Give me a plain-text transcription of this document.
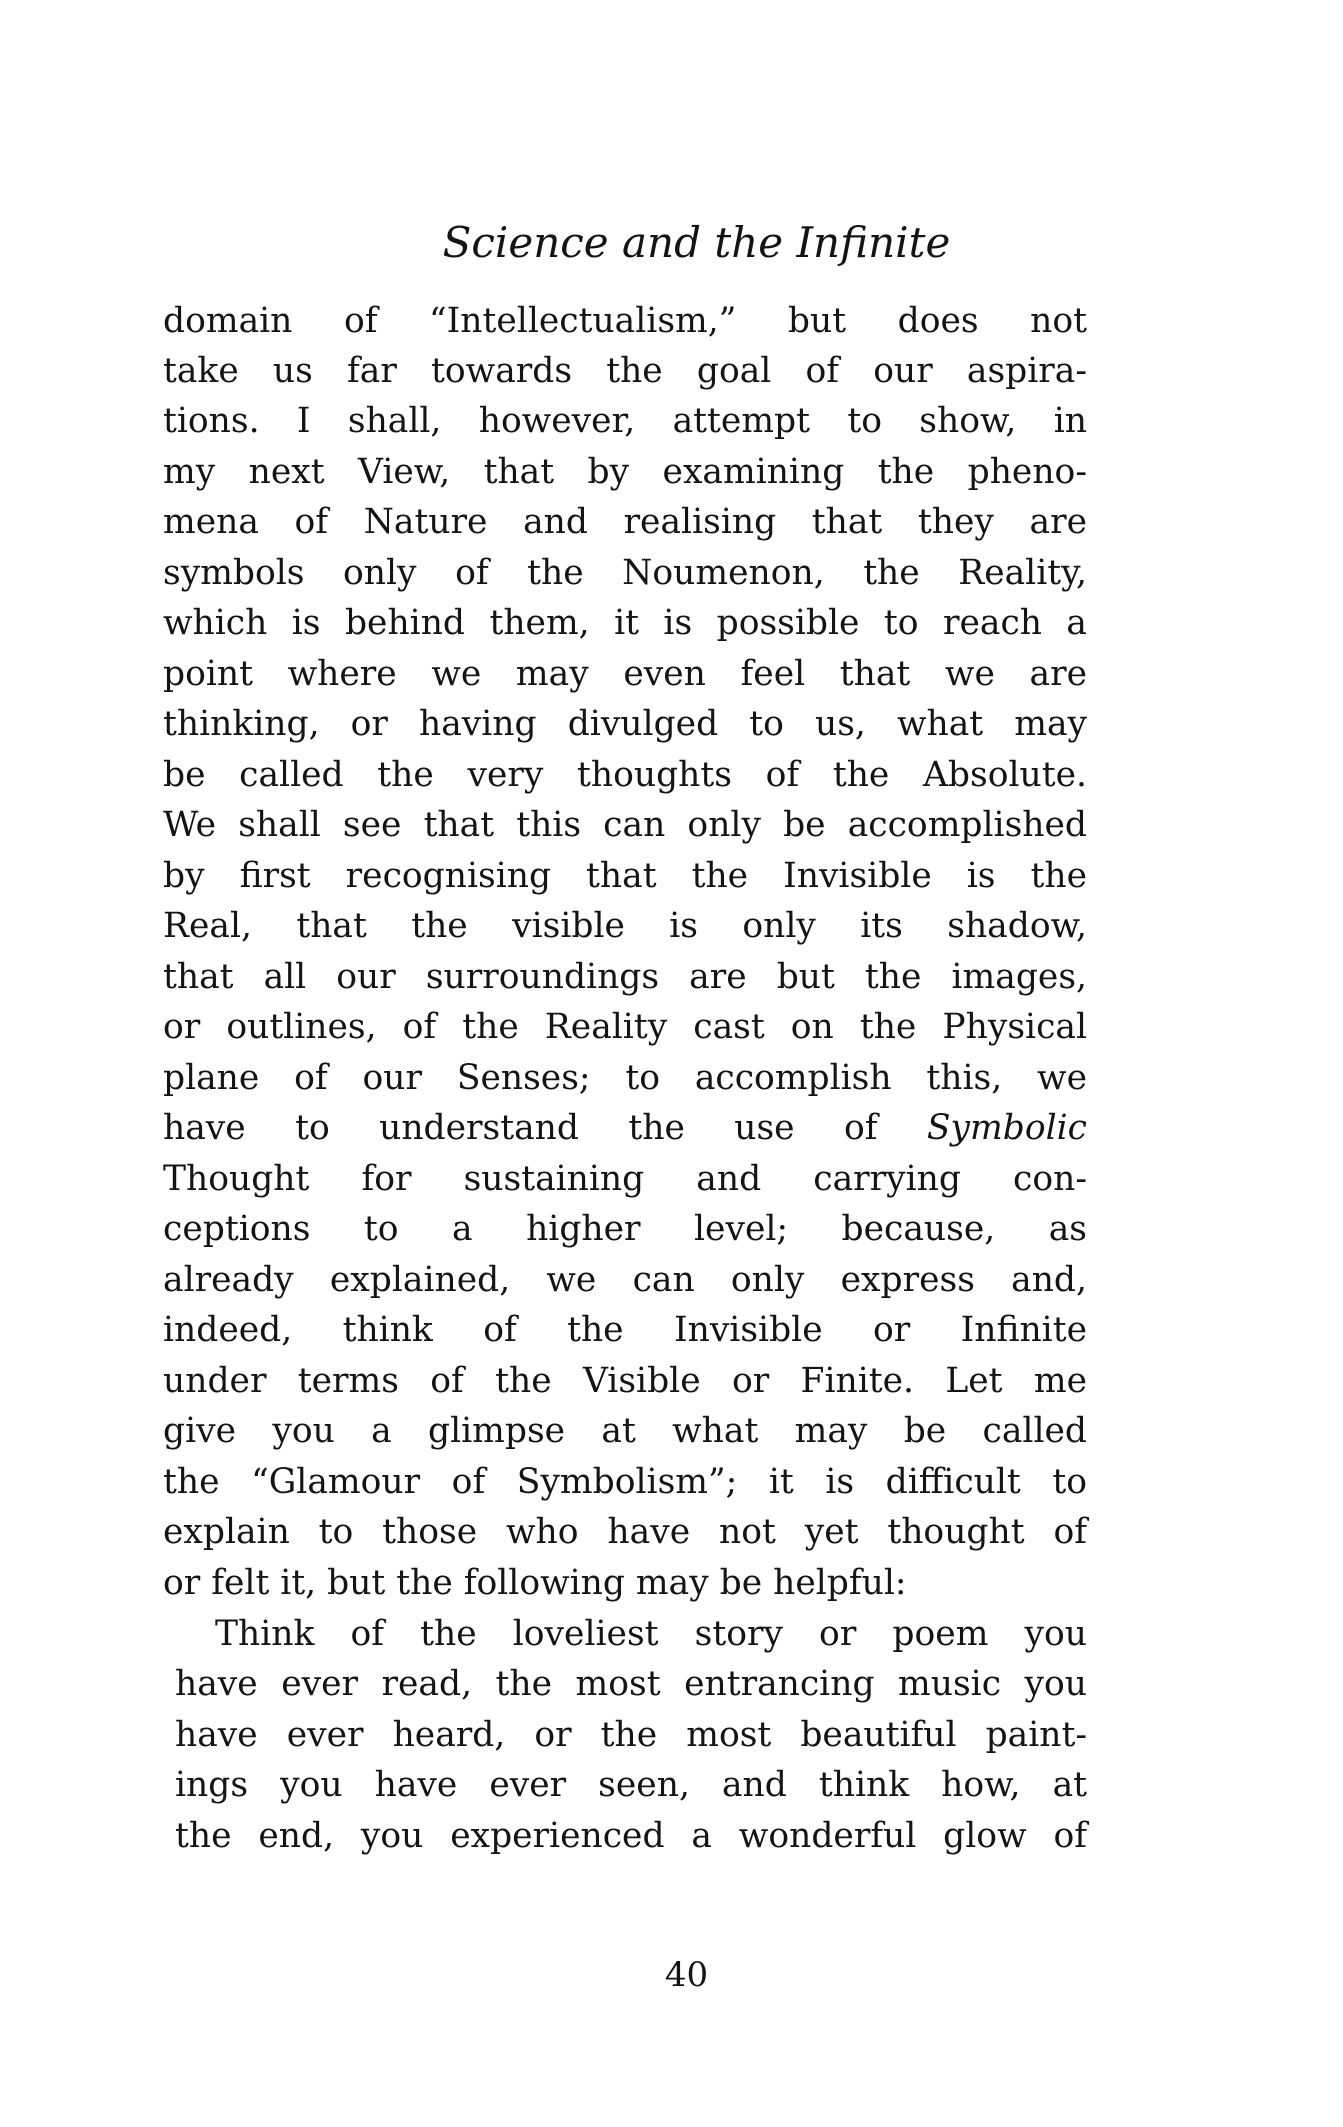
Science and the Infinite
domain of “Intellectualism,” but does not
take us far towards the goal of our aspira-
tions. I shall, however, attempt to show, in
my next View, that by examining the pheno-
mena of Nature and realising that they are
symbols only of the Noumenon, the Reality,
which is behind them, it is possible to reach a
point where we may even feel that we are
thinking, or having divulged to us, what may
be called the very thoughts of the Absolute.
We shall see that this can only be accomplished
by first recognising that the Invisible is the
Real, that the visible is only its shadow,
that all our surroundings are but the images,
or outlines, of the Reality cast on the Physical
plane of our Senses; to accomplish this, we
have to understand the use of Symbolic
Thought for sustaining and carrying con-
ceptions to a higher level; because, as
already explained, we can only express and,
indeed, think of the Invisible or Infinite
under terms of the Visible or Finite. Let me
give you a glimpse at what may be called
the “Glamour of Symbolism”; it is difficult to
explain to those who have not yet thought of
or felt it, but the following may be helpful:
Think of the loveliest story or poem you
have ever read, the most entrancing music you
have ever heard, or the most beautiful paint-
ings you have ever seen, and think how, at
the end, you experienced a wonderful glow of
40
